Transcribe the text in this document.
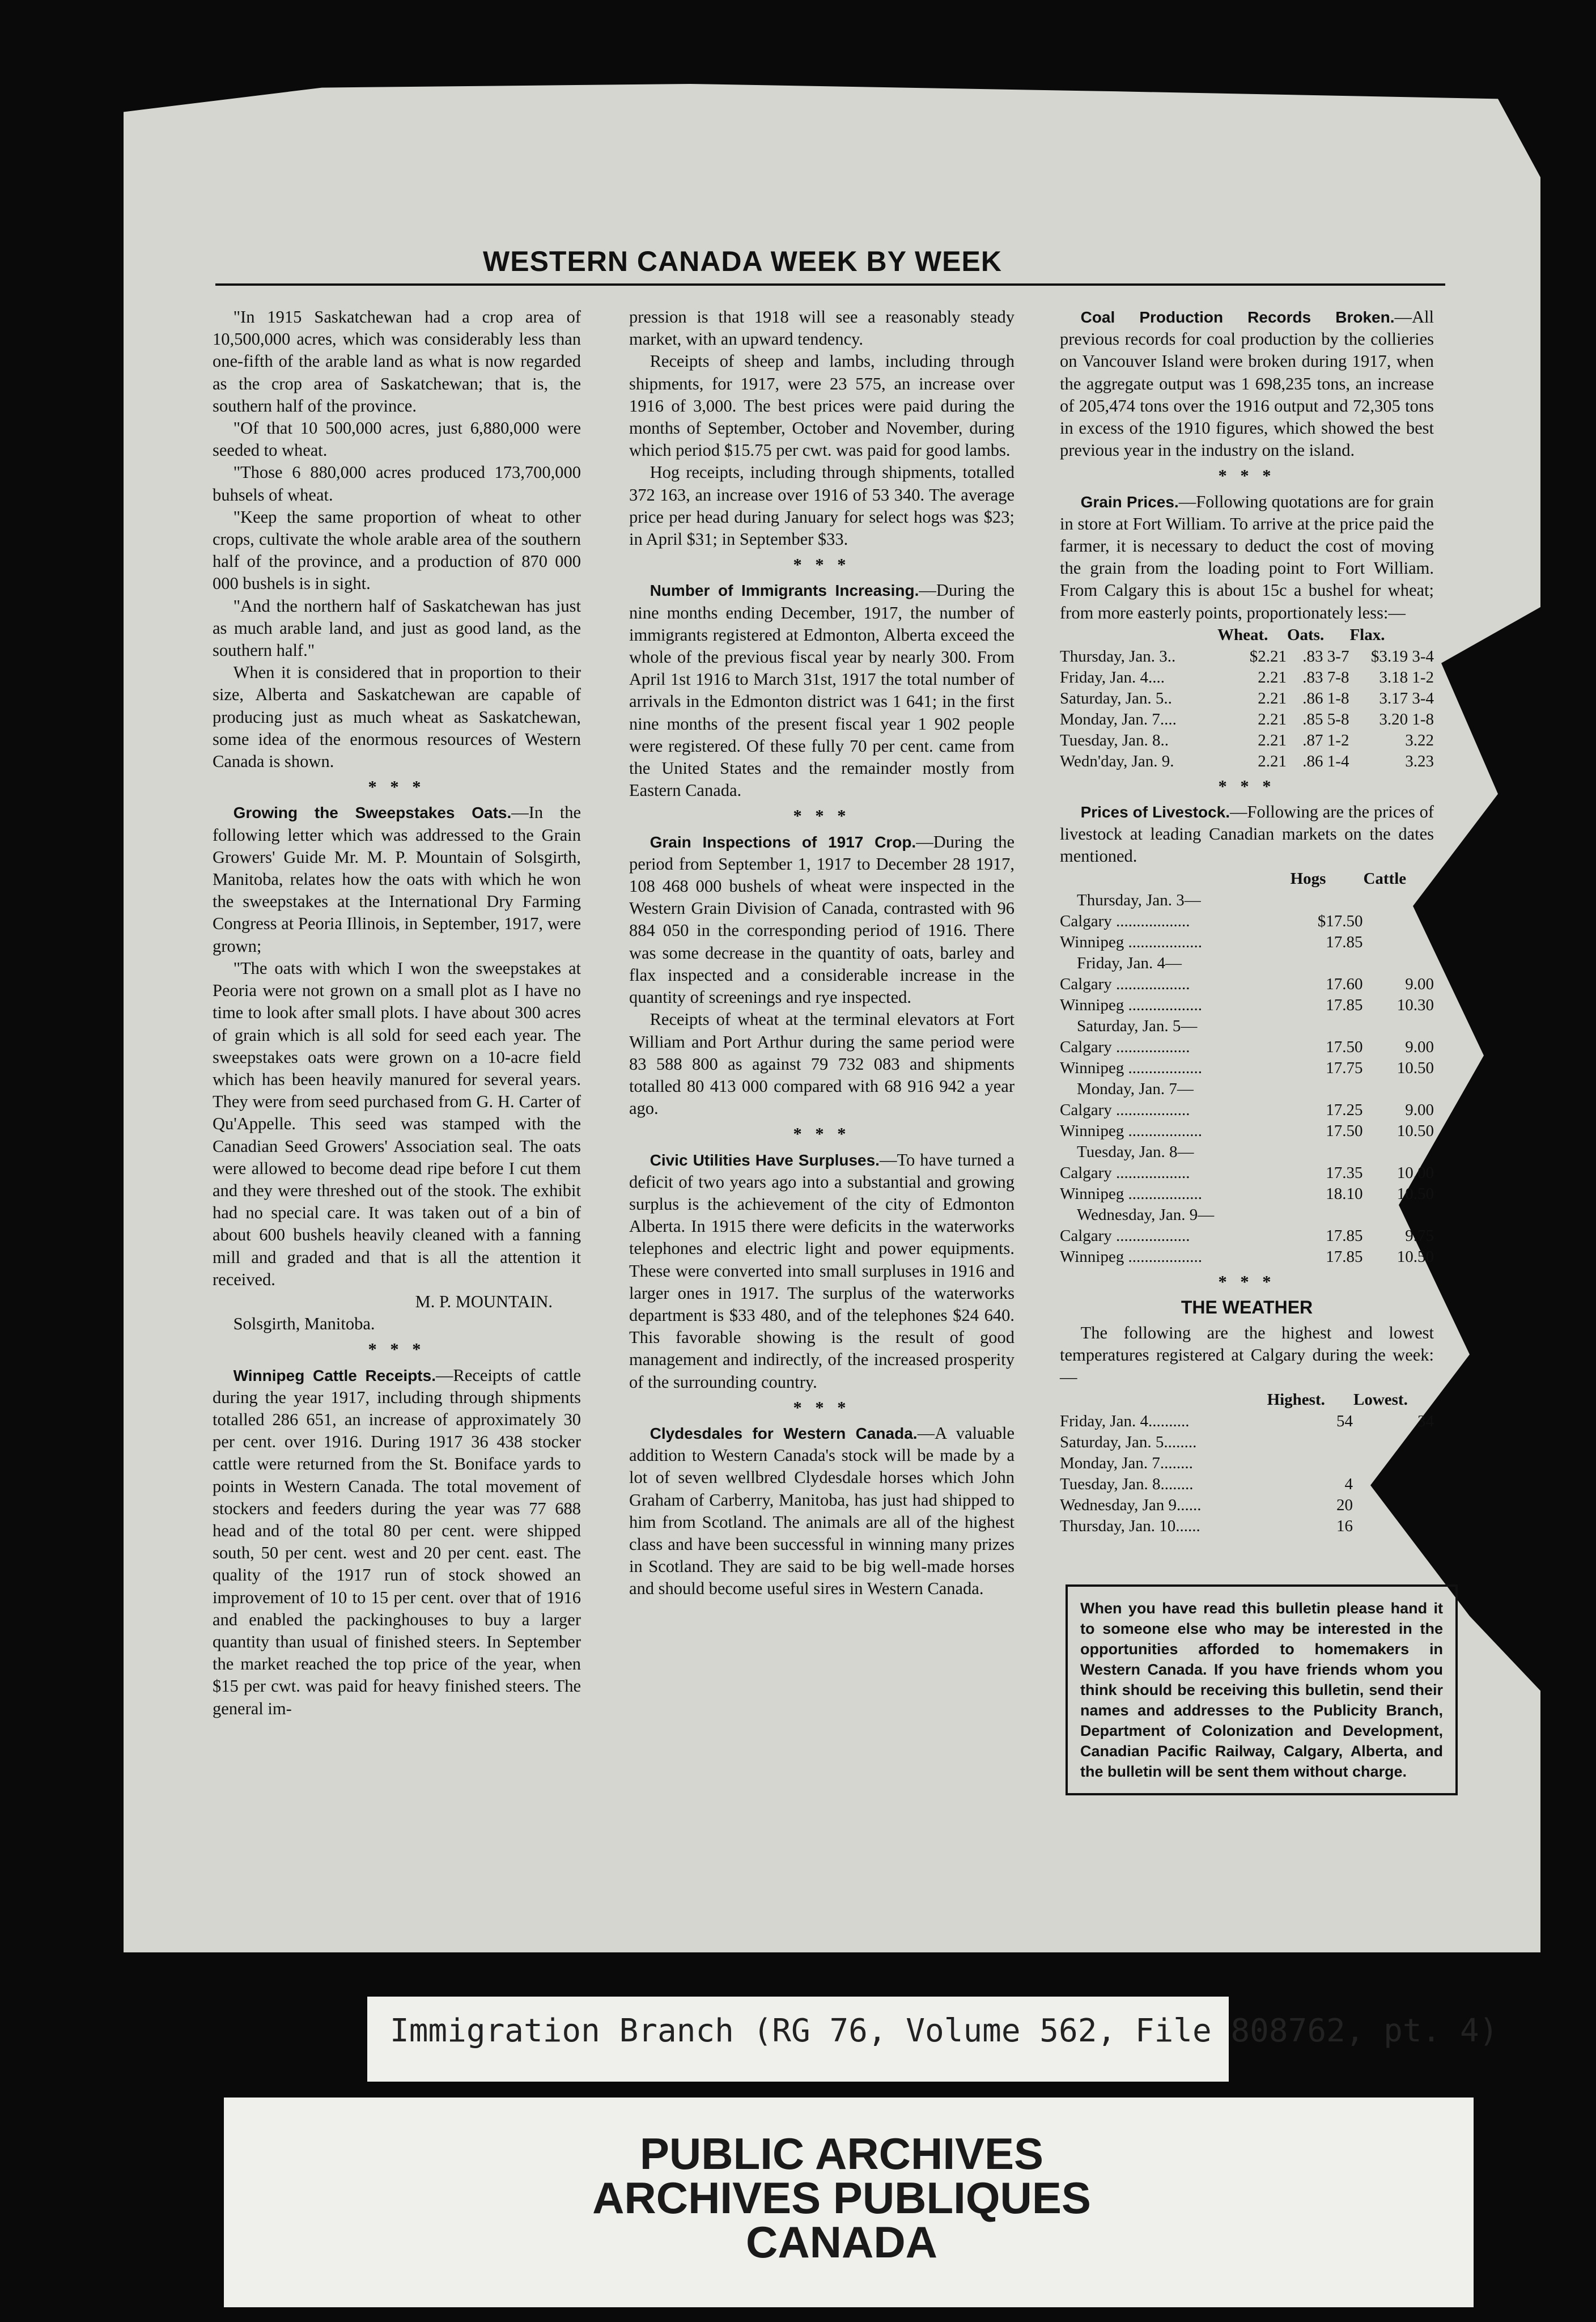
WESTERN CANADA WEEK BY WEEK

"In 1915 Saskatchewan had a crop area of 10,500,000 acres, which was considerably less than one-fifth of the arable land as what is now regarded as the crop area of Saskatchewan; that is, the southern half of the province.

"Of that 10 500,000 acres, just 6,880,000 were seeded to wheat.

"Those 6 880,000 acres produced 173,700,000 buhsels of wheat.

"Keep the same proportion of wheat to other crops, cultivate the whole arable area of the southern half of the province, and a production of 870 000 000 bushels is in sight.

"And the northern half of Saskatchewan has just as much arable land, and just as good land, as the southern half."

When it is considered that in proportion to their size, Alberta and Saskatchewan are capable of producing just as much wheat as Saskatchewan, some idea of the enormous resources of Western Canada is shown.

* * *

Growing the Sweepstakes Oats.—In the following letter which was addressed to the Grain Growers' Guide Mr. M. P. Mountain of Solsgirth, Manitoba, relates how the oats with which he won the sweepstakes at the International Dry Farming Congress at Peoria Illinois, in September, 1917, were grown;

"The oats with which I won the sweepstakes at Peoria were not grown on a small plot as I have no time to look after small plots. I have about 300 acres of grain which is all sold for seed each year. The sweepstakes oats were grown on a 10-acre field which has been heavily manured for several years. They were from seed purchased from G. H. Carter of Qu'Appelle. This seed was stamped with the Canadian Seed Growers' Association seal. The oats were allowed to become dead ripe before I cut them and they were threshed out of the stook. The exhibit had no special care. It was taken out of a bin of about 600 bushels heavily cleaned with a fanning mill and graded and that is all the attention it received.

M. P. MOUNTAIN.
Solsgirth, Manitoba.
* * *

Winnipeg Cattle Receipts.—Receipts of cattle during the year 1917, including through shipments totalled 286 651, an increase of approximately 30 per cent. over 1916. During 1917 36 438 stocker cattle were returned from the St. Boniface yards to points in Western Canada. The total movement of stockers and feeders during the year was 77 688 head and of the total 80 per cent. were shipped south, 50 per cent. west and 20 per cent. east. The quality of the 1917 run of stock showed an improvement of 10 to 15 per cent. over that of 1916 and enabled the packinghouses to buy a larger quantity than usual of finished steers. In September the market reached the top price of the year, when $15 per cwt. was paid for heavy finished steers. The general im-

pression is that 1918 will see a reasonably steady market, with an upward tendency.

Receipts of sheep and lambs, including through shipments, for 1917, were 23 575, an increase over 1916 of 3,000. The best prices were paid during the months of September, October and November, during which period $15.75 per cwt. was paid for good lambs.

Hog receipts, including through shipments, totalled 372 163, an increase over 1916 of 53 340. The average price per head during January for select hogs was $23; in April $31; in September $33.

* * *

Number of Immigrants Increasing.—During the nine months ending December, 1917, the number of immigrants registered at Edmonton, Alberta exceed the whole of the previous fiscal year by nearly 300. From April 1st 1916 to March 31st, 1917 the total number of arrivals in the Edmonton district was 1 641; in the first nine months of the present fiscal year 1 902 people were registered. Of these fully 70 per cent. came from the United States and the remainder mostly from Eastern Canada.

* * *

Grain Inspections of 1917 Crop.—During the period from September 1, 1917 to December 28 1917, 108 468 000 bushels of wheat were inspected in the Western Grain Division of Canada, contrasted with 96 884 050 in the corresponding period of 1916. There was some decrease in the quantity of oats, barley and flax inspected and a considerable increase in the quantity of screenings and rye inspected.

Receipts of wheat at the terminal elevators at Fort William and Port Arthur during the same period were 83 588 800 as against 79 732 083 and shipments totalled 80 413 000 compared with 68 916 942 a year ago.

* * *

Civic Utilities Have Surpluses.—To have turned a deficit of two years ago into a substantial and growing surplus is the achievement of the city of Edmonton Alberta. In 1915 there were deficits in the waterworks telephones and electric light and power equipments. These were converted into small surpluses in 1916 and larger ones in 1917. The surplus of the waterworks department is $33 480, and of the telephones $24 640. This favorable showing is the result of good management and indirectly, of the increased prosperity of the surrounding country.

* * *

Clydesdales for Western Canada.—A valuable addition to Western Canada's stock will be made by a lot of seven wellbred Clydesdale horses which John Graham of Carberry, Manitoba, has just had shipped to him from Scotland. The animals are all of the highest class and have been successful in winning many prizes in Scotland. They are said to be big well-made horses and should become useful sires in Western Canada.

Coal Production Records Broken.—All previous records for coal production by the collieries on Vancouver Island were broken during 1917, when the aggregate output was 1 698,235 tons, an increase of 205,474 tons over the 1916 output and 72,305 tons in excess of the 1910 figures, which showed the best previous year in the industry on the island.

* * *

Grain Prices.—Following quotations are for grain in store at Fort William. To arrive at the price paid the farmer, it is necessary to deduct the cost of moving the grain from the loading point to Fort William. From Calgary this is about 15c a bushel for wheat; from more easterly points, proportionately less:—

	Wheat.	Oats.	Flax.
Thursday, Jan. 3..	$2.21	.83 3-7	$3.19 3-4
Friday, Jan. 4....	2.21	.83 7-8	3.18 1-2
Saturday, Jan. 5..	2.21	.86 1-8	3.17 3-4
Monday, Jan. 7....	2.21	.85 5-8	3.20 1-8
Tuesday, Jan. 8..	2.21	.87 1-2	3.22
Wedn'day, Jan. 9.	2.21	.86 1-4	3.23
* * *

Prices of Livestock.—Following are the prices of livestock at leading Canadian markets on the dates mentioned.

	Hogs	Cattle
Thursday, Jan. 3—		
Calgary ..................	$17.50	
Winnipeg ..................	17.85	
Friday, Jan. 4—		
Calgary ..................	17.60	9.00
Winnipeg ..................	17.85	10.30
Saturday, Jan. 5—		
Calgary ..................	17.50	9.00
Winnipeg ..................	17.75	10.50
Monday, Jan. 7—		
Calgary ..................	17.25	9.00
Winnipeg ..................	17.50	10.50
Tuesday, Jan. 8—		
Calgary ..................	17.35	10.00
Winnipeg ..................	18.10	10.50
Wednesday, Jan. 9—		
Calgary ..................	17.85	9.75
Winnipeg ..................	17.85	10.50
* * *
THE WEATHER

The following are the highest and lowest temperatures registered at Calgary during the week:—

	Highest.	Lowest.
Friday, Jan. 4..........	54	34
Saturday, Jan. 5........		
Monday, Jan. 7........		
Tuesday, Jan. 8........	4	
Wednesday, Jan 9......	20	
Thursday, Jan. 10......	16	
When you have read this bulletin please hand it to someone else who may be interested in the opportunities afforded to homemakers in Western Canada. If you have friends whom you think should be receiving this bulletin, send their names and addresses to the Publicity Branch, Department of Colonization and Development, Canadian Pacific Railway, Calgary, Alberta, and the bulletin will be sent them without charge.
Immigration Branch (RG 76, Volume 562, File 808762, pt. 4)
PUBLIC ARCHIVES
ARCHIVES PUBLIQUES
CANADA
